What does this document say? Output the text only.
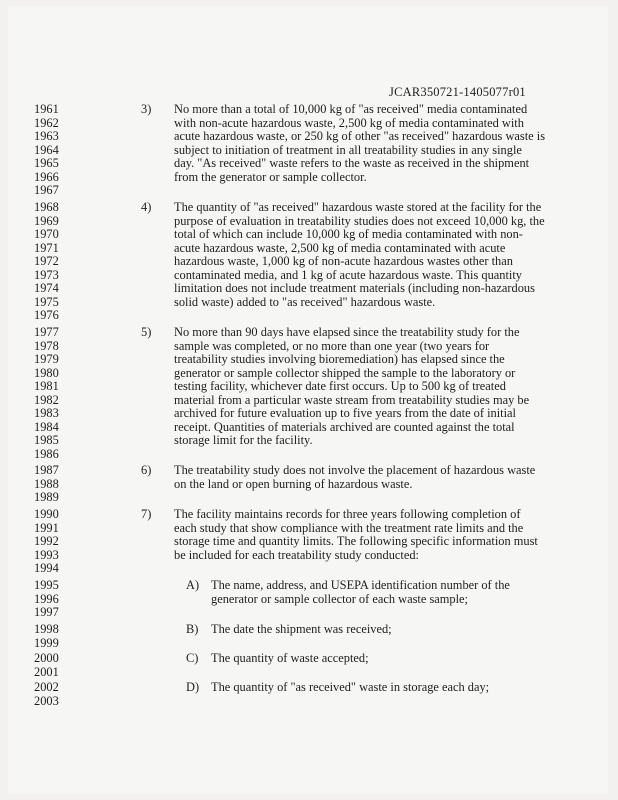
JCAR350721-1405077r01
1961
1962
1963
1964
1965
1966
1967
1968
1969
1970
1971
1972
1973
1974
1975
1976
1977
1978
1979
1980
1981
1982
1983
1984
1985
1986
1987
1988
1989
1990
1991
1992
1993
1994
1995
1996
1997
1998
1999
2000
2001
2002
2003
3) No more than a total of 10,000 kg of "as received" media contaminated
with non-acute hazardous waste, 2,500 kg of media contaminated with
acute hazardous waste, or 250 kg of other "as received" hazardous waste is
subject to initiation of treatment in all treatability studies in any single
day. "As received" waste refers to the waste as received in the shipment
from the generator or sample collector.
4) The quantity of "as received" hazardous waste stored at the facility for the
purpose of evaluation in treatability studies does not exceed 10,000 kg, the
total of which can include 10,000 kg of media contaminated with non-
acute hazardous waste, 2,500 kg of media contaminated with acute
hazardous waste, 1,000 kg of non-acute hazardous wastes other than
contaminated media, and 1 kg of acute hazardous waste. This quantity
limitation does not include treatment materials (including non-hazardous
solid waste) added to "as received" hazardous waste.
5) No more than 90 days have elapsed since the treatability study for the
sample was completed, or no more than one year (two years for
treatability studies involving bioremediation) has elapsed since the
generator or sample collector shipped the sample to the laboratory or
testing facility, whichever date first occurs. Up to 500 kg of treated
material from a particular waste stream from treatability studies may be
archived for future evaluation up to five years from the date of initial
receipt. Quantities of materials archived are counted against the total
storage limit for the facility.
6) The treatability study does not involve the placement of hazardous waste
on the land or open burning of hazardous waste.
7) The facility maintains records for three years following completion of
each study that show compliance with the treatment rate limits and the
storage time and quantity limits. The following specific information must
be included for each treatability study conducted:
A) The name, address, and USEPA identification number of the
generator or sample collector of each waste sample;
B) The date the shipment was received;
C) The quantity of waste accepted;
D) The quantity of "as received" waste in storage each day;
